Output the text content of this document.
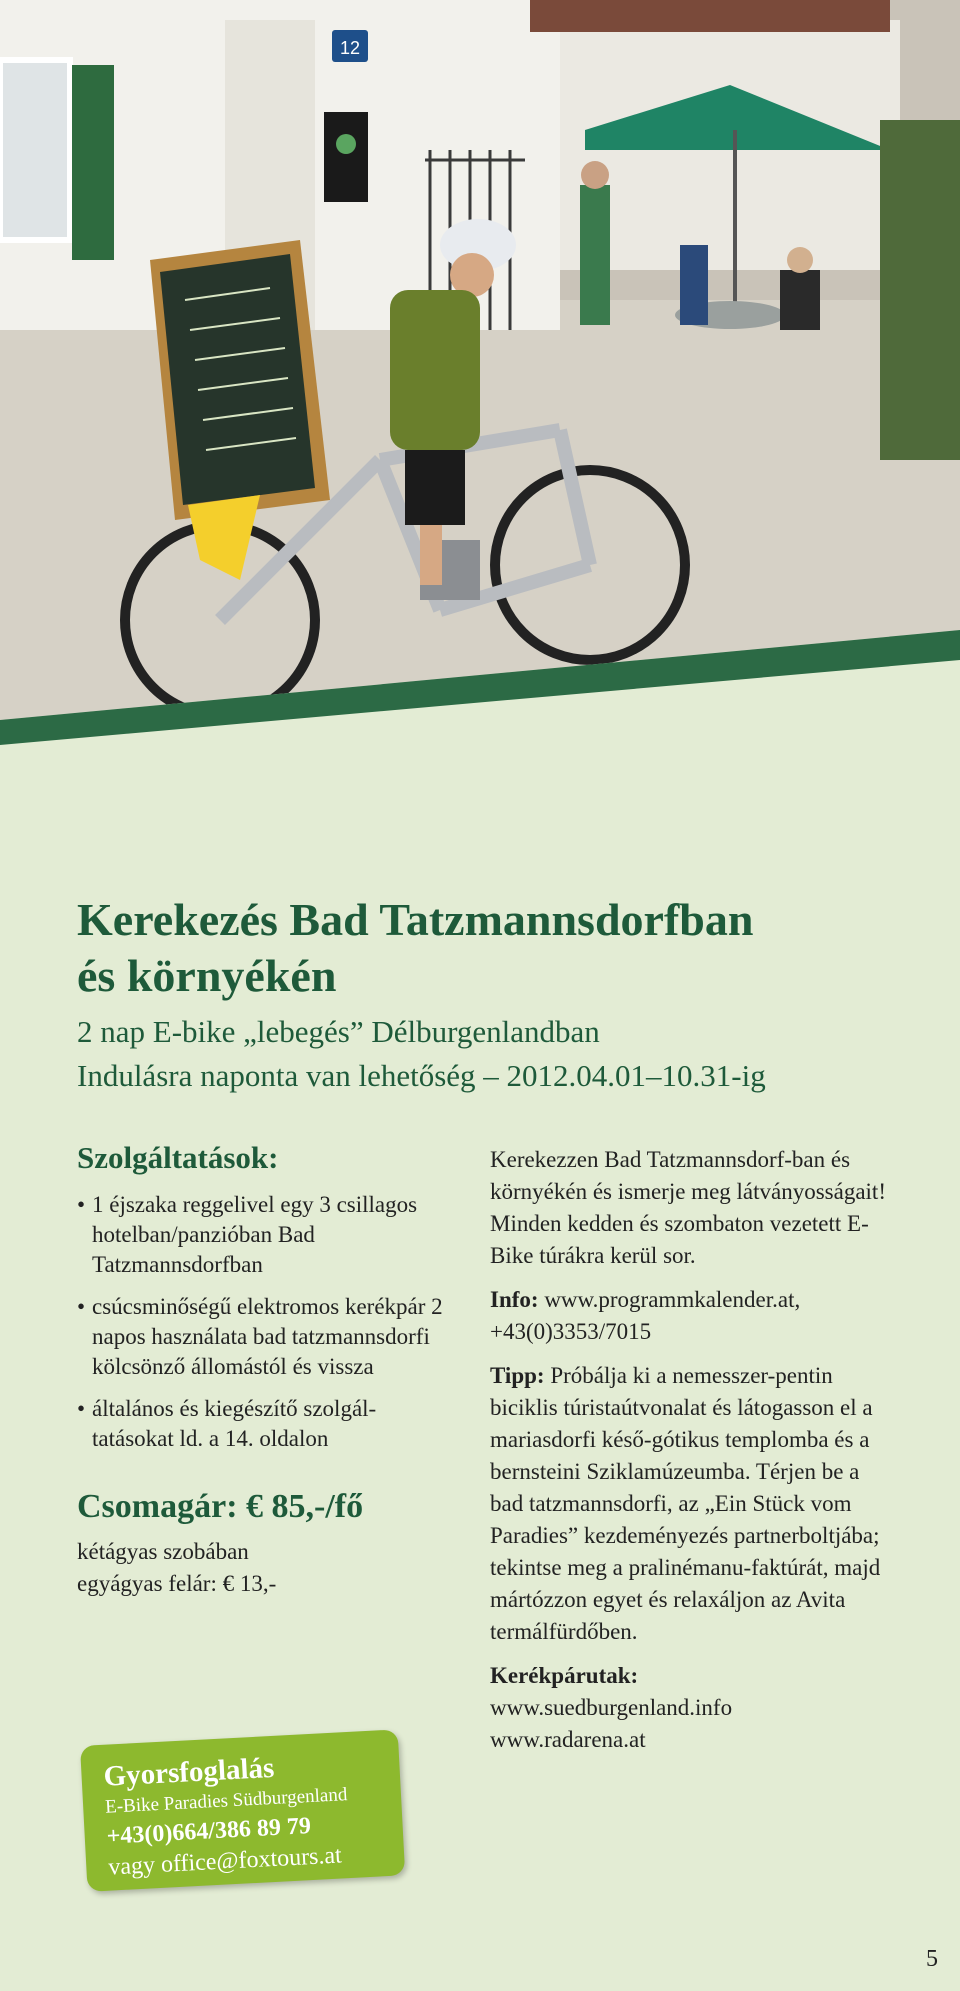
12
Kerekezés Bad Tatzmannsdorfban
és környékén
2 nap E-bike „lebegés” Délburgenlandban
Indulásra naponta van lehetőség – 2012.04.01–10.31-ig
Szolgáltatások:
• 1 éjszaka reggelivel egy 3 csillagos hotelban/panzióban Bad Tatzmannsdorfban
• csúcsminőségű elektromos kerékpár 2 napos használata bad tatzmannsdorfi kölcsönző állomástól és vissza
• általános és kiegészítő szolgál-tatásokat ld. a 14. oldalon
Csomagár: € 85,-/fő
kétágyas szobában
egyágyas felár: € 13,-
Gyorsfoglalás
E-Bike Paradies Südburgenland
+43(0)664/386 89 79
vagy office@foxtours.at

Kerekezzen Bad Tatzmannsdorf-ban és környékén és ismerje meg látványosságait! Minden kedden és szombaton vezetett E-Bike túrákra kerül sor.

Info: www.programmkalender.at, +43(0)3353/7015

Tipp: Próbálja ki a nemesszer-pentin biciklis túristaútvonalat és látogasson el a mariasdorfi késő-gótikus templomba és a bernsteini Sziklamúzeumba. Térjen be a bad tatzmannsdorfi, az „Ein Stück vom Paradies” kezdeményezés partnerboltjába; tekintse meg a pralinémanu-faktúrát, majd mártózzon egyet és relaxáljon az Avita termálfürdőben.

Kerékpárutak:
www.suedburgenland.info
www.radarena.at

5
